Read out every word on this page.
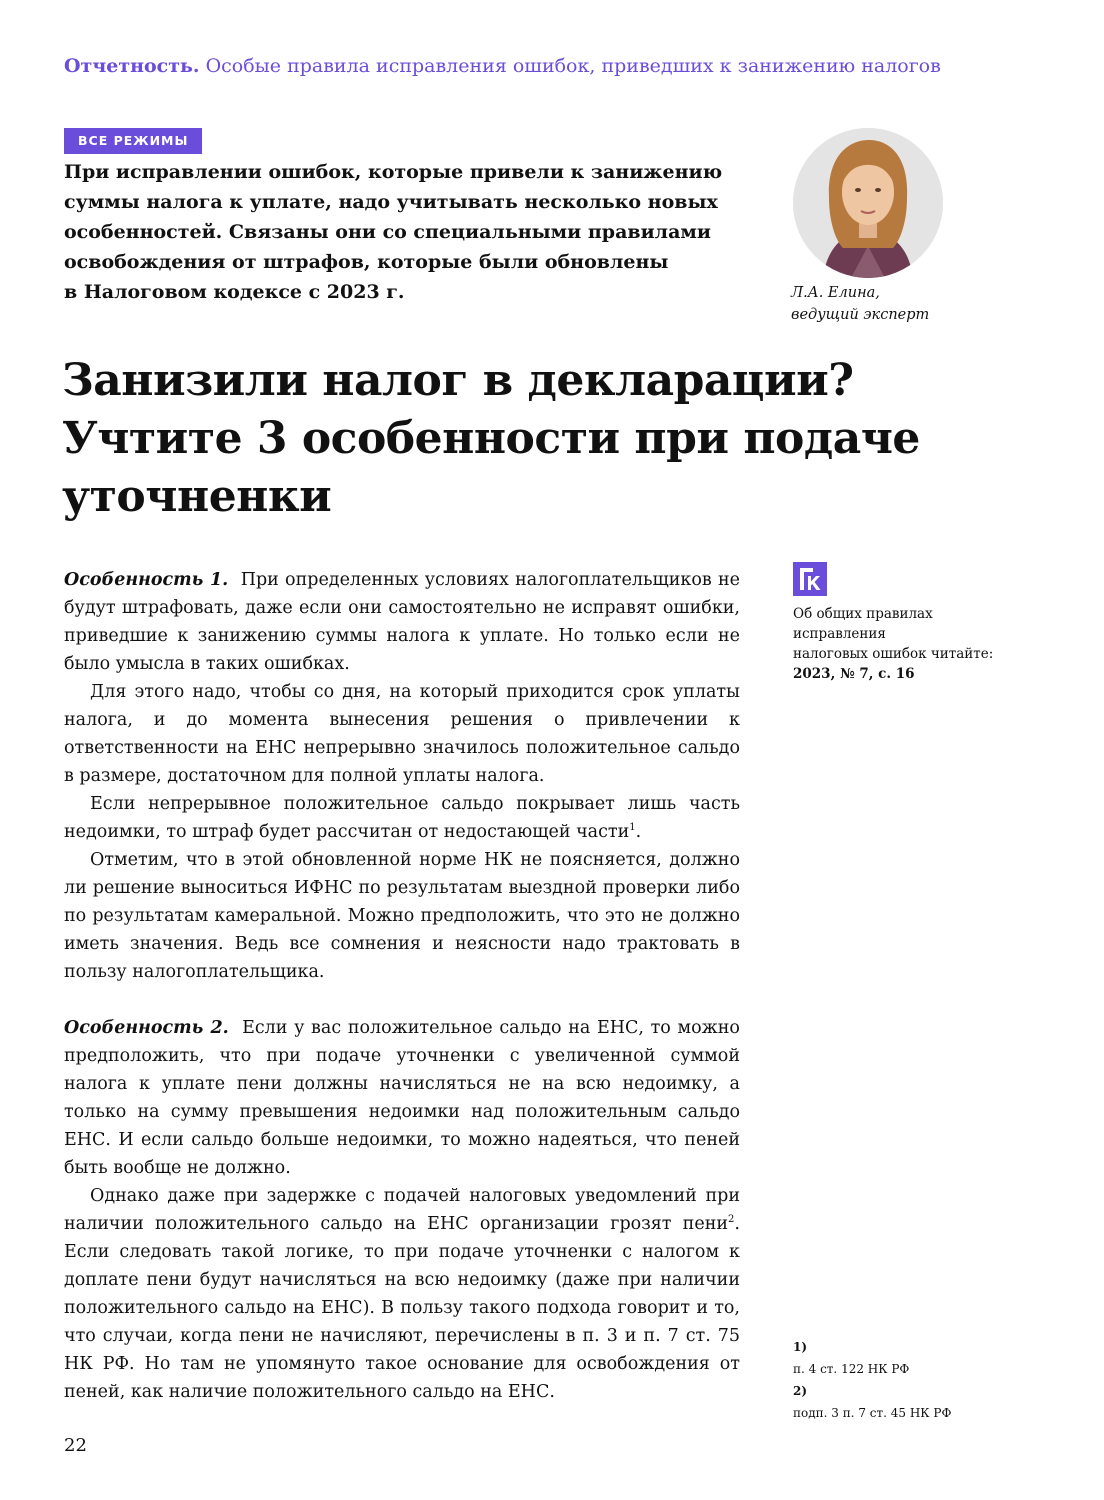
Отчетность. Особые правила исправления ошибок, приведших к занижению налогов
ВСЕ РЕЖИМЫ
При исправлении ошибок, которые привели к занижению
суммы налога к уплате, надо учитывать несколько новых
особенностей. Связаны они со специальными правилами
освобождения от штрафов, которые были обновлены
в Налоговом кодексе с 2023 г.	Л.А. Елина,
ведущий эксперт
Занизили налог в декларации?
Учтите 3 особенности при подаче
уточненки

Особенность 1. При определенных условиях налогоплательщиков не будут штрафовать, даже если они самостоятельно не исправят ошибки, приведшие к занижению суммы налога к уплате. Но только если не было умысла в таких ошибках.

Для этого надо, чтобы со дня, на который приходится срок уплаты налога, и до момента вынесения решения о привлечении к ответственности на ЕНС непрерывно значилось положительное сальдо в размере, достаточном для полной уплаты налога.

Если непрерывное положительное сальдо покрывает лишь часть недоимки, то штраф будет рассчитан от недостающей части$^1$.

Отметим, что в этой обновленной норме НК не поясняется, должно ли решение выноситься ИФНС по результатам выездной проверки либо по результатам камеральной. Можно предположить, что это не должно иметь значения. Ведь все сомнения и неясности надо трактовать в пользу налогоплательщика.

Особенность 2. Если у вас положительное сальдо на ЕНС, то можно предположить, что при подаче уточненки с увеличенной суммой налога к уплате пени должны начисляться не на всю недоимку, а только на сумму превышения недоимки над положительным сальдо ЕНС. И если сальдо больше недоимки, то можно надеяться, что пеней быть вообще не должно.

Однако даже при задержке с подачей налоговых уведомлений при наличии положительного сальдо на ЕНС организации грозят пени$^2$. Если следовать такой логике, то при подаче уточненки с налогом к доплате пени будут начисляться на всю недоимку (даже при наличии положительного сальдо на ЕНС). В пользу такого подхода говорит и то, что случаи, когда пени не начисляют, перечислены в п. 3 и п. 7 ст. 75 НК РФ. Но там не упомянуто такое основание для освобождения от пеней, как наличие положительного сальдо на ЕНС.

Об общих правилах исправления
налоговых ошибок читайте:
2023, № 7, с. 16
1)
п. 4 ст. 122 НК РФ
2)
подп. 3 п. 7 ст. 45 НК РФ
22
